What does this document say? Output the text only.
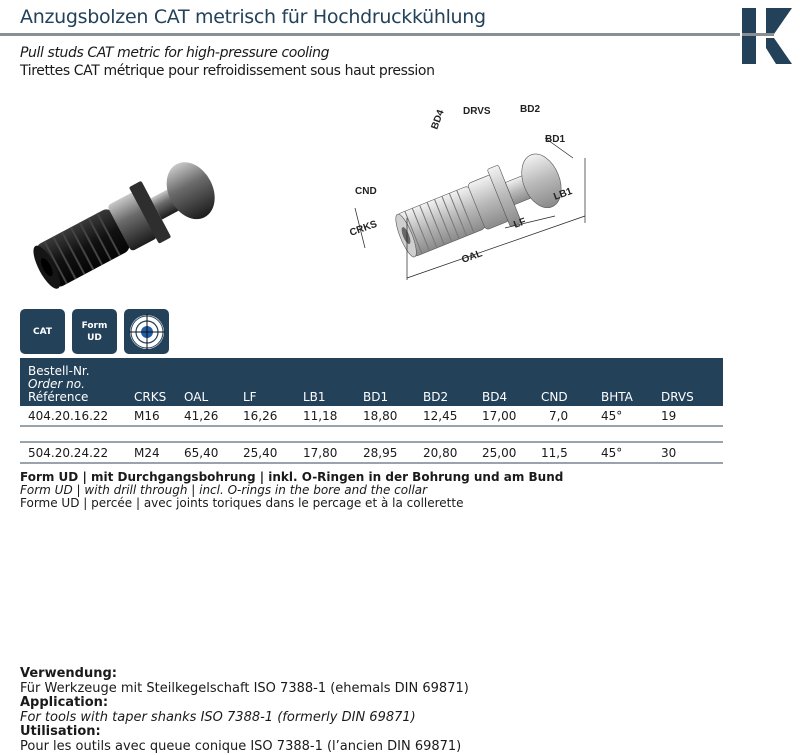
Anzugsbolzen CAT metrisch für Hochdruckkühlung
Pull studs CAT metric for high-pressure cooling
Tirettes CAT métrique pour refroidissement sous haut pression
BD4 DRVS	BD2
BD1
CND
CRKS
LB1
LF
OAL
CAT
Form
UD
Bestell-Nr.
Order no.
Référence	CRKS	OAL	LF	LB1	BD1	BD2	BD4	CND	BHTA	DRVS
404.20.16.22	M16	41,26	16,26	11,18	18,80	12,45	17,00	7,0	45°	19

504.20.24.22	M24	65,40	25,40	17,80	28,95	20,80	25,00	11,5	45°	30
Form UD | mit Durchgangsbohrung | inkl. O-Ringen in der Bohrung und am Bund
Form UD | with drill through | incl. O-rings in the bore and the collar
Forme UD | percée | avec joints toriques dans le percage et à la collerette
Verwendung:
Für Werkzeuge mit Steilkegelschaft ISO 7388-1 (ehemals DIN 69871)
Application:
For tools with taper shanks ISO 7388-1 (formerly DIN 69871)
Utilisation:
Pour les outils avec queue conique ISO 7388-1 (l’ancien DIN 69871)
